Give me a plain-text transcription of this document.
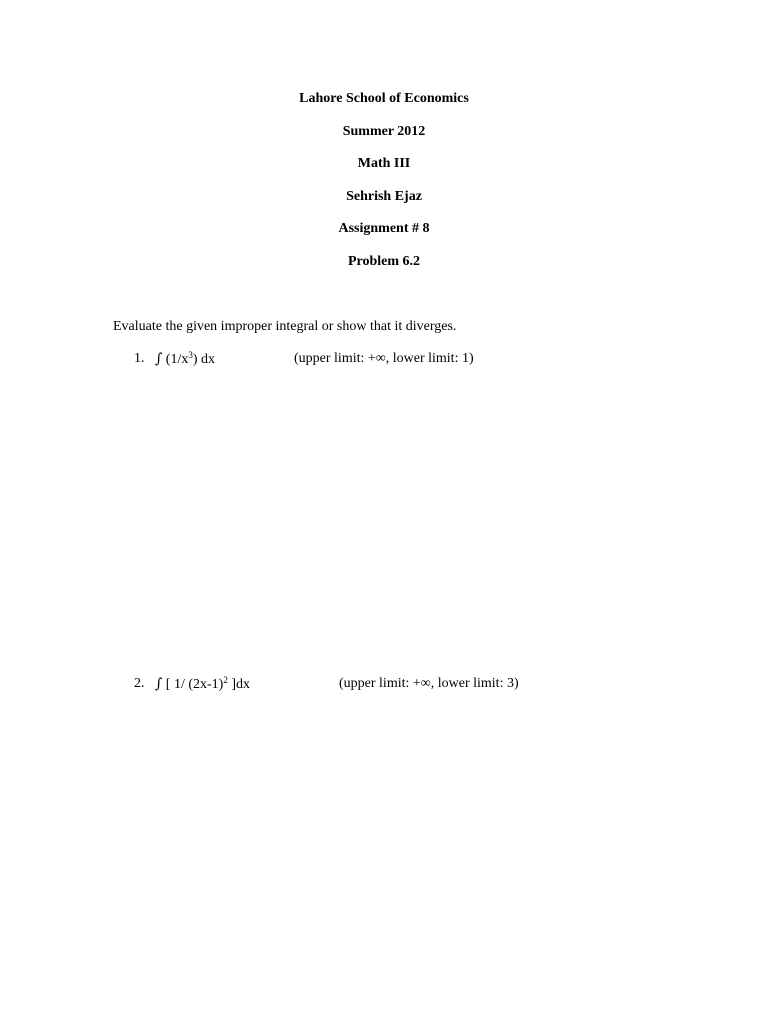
Lahore School of Economics
Summer 2012
Math III
Sehrish Ejaz
Assignment # 8
Problem 6.2
Evaluate the given improper integral or show that it diverges.
1. ∫ $(1/x^3)$ dx	(upper limit: +∞, lower limit: 1)
2. ∫ [ 1/ $(2x-1)^2$ ]dx	(upper limit: +∞, lower limit: 3)
